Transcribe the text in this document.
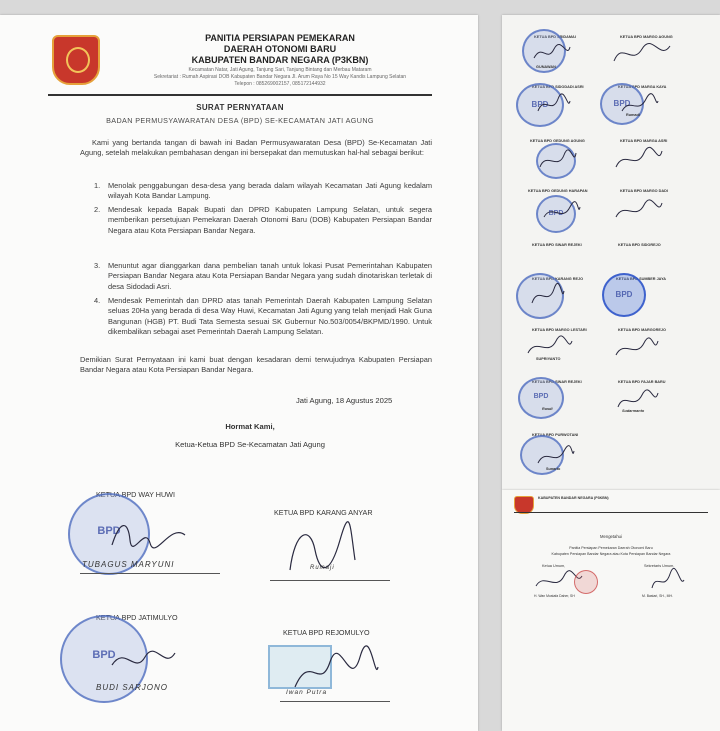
PANITIA PERSIAPAN PEMEKARAN
DAERAH OTONOMI BARU
KABUPATEN BANDAR NEGARA (P3KBN)
Kecamatan Natar, Jati Agung, Tanjung Sari, Tanjung Bintang dan Merbau Mataram
Sekretariat : Rumah Aspirasi DOB Kabupaten Bandar Negara Jl. Arum Raya No 15 Way Kandis Lampung Selatan
Telepon : 085269002157, 085172144932
SURAT PERNYATAAN
BADAN PERMUSYAWARATAN DESA (BPD) SE-KECAMATAN JATI AGUNG
Kami yang bertanda tangan di bawah ini Badan Permusyawaratan Desa (BPD) Se-Kecamatan Jati Agung, setelah melakukan pembahasan dengan ini bersepakat dan memutuskan hal-hal sebagai berikut:
1. Menolak penggabungan desa-desa yang berada dalam wilayah Kecamatan Jati Agung kedalam wilayah Kota Bandar Lampung.
2. Mendesak kepada Bapak Bupati dan DPRD Kabupaten Lampung Selatan, untuk segera memberikan persetujuan Pemekaran Daerah Otonomi Baru (DOB) Kabupaten Persiapan Bandar Negara atau Kota Persiapan Bandar Negara.
3. Menuntut agar dianggarkan dana pembelian tanah untuk lokasi Pusat Pemerintahan Kabupaten Persiapan Bandar Negara atau Kota Persiapan Bandar Negara yang sudah dinotariskan terletak di desa Sidodadi Asri.
4. Mendesak Pemerintah dan DPRD atas tanah Pemerintah Daerah Kabupaten Lampung Selatan seluas 20Ha yang berada di desa Way Huwi, Kecamatan Jati Agung yang telah menjadi Hak Guna Bangunan (HGB) PT. Budi Tata Semesta sesuai SK Gubernur No.503/0054/BKPMD/1990. Untuk dikembalikan sebagai aset Pemerintah Daerah Lampung Selatan.
Demikian Surat Pernyataan ini kami buat dengan kesadaran demi terwujudnya Kabupaten Persiapan Bandar Negara atau Kota Persiapan Bandar Negara.
Jati Agung, 18 Agustus 2025
Hormat Kami,
Ketua-Ketua BPD Se-Kecamatan Jati Agung
KETUA BPD WAY HUWI
BPD
TUBAGUS MARYUNI
KETUA BPD KARANG ANYAR
Rumaji
KETUA BPD JATIMULYO
BPD
BUDI SARJONO
KETUA BPD REJOMULYO
Iwan Putra
KETUA BPD SRIDAMAI
GUNAWAN
KETUA BPD MARGO AGUNG
KETUA BPD SIDODADI ASRI
BPD
KETUA BPD MARGA KAYA
BPD
Rumadi
KETUA BPD GEDUNG AGUNG	KETUA BPD MARGA ASRI
KETUA BPD GEDUNG HARAPAN
BPD
KETUA BPD MARGO DADI
KETUA BPD SINAR REJEKI	KETUA BPD SIDOREJO
KETUA BPD KARANG REJO	KETUA BPD SUMBER JAYA
BPD
KETUA BPD MARGO LESTARI
SUPRIYANTO
KETUA BPD MARGOREJO
KETUA BPD SINAR REJEKI
BPD
Rusdi
KETUA BPD FAJAR BARU
Sudarmanto
KETUA BPD PURWOTANI
Sunarto
KABUPATEN BANDAR NEGARA (P3KBN)
Mengetahui
Panitia Persiapan Pemekaran Daerah Otonomi Baru
Kabupaten Persiapan Bandar Negara atau Kota Persiapan Bandar Negara
Ketua Umum,	Sekretaris Umum,
H. Wan Mustafa Daher, SH	M. Bastari, SH., MH.
